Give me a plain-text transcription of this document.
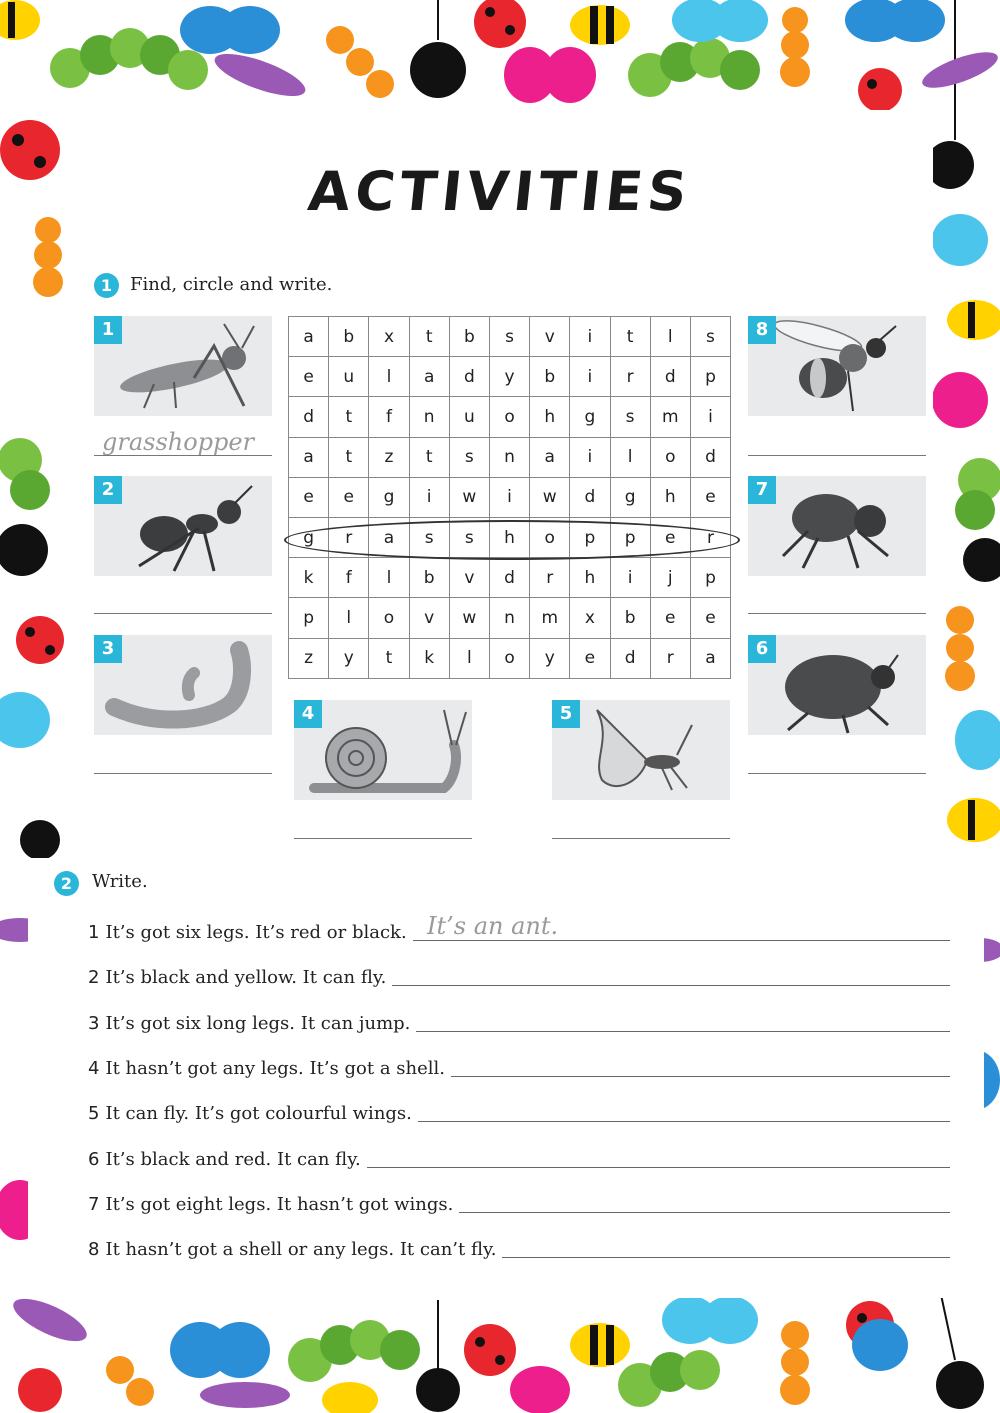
ACTIVITIES
1 Find, circle and write.
a	b	x	t	b	s	v	i	t	l	s
e	u	l	a	d	y	b	i	r	d	p
d	t	f	n	u	o	h	g	s	m	i
a	t	z	t	s	n	a	i	l	o	d
e	e	g	i	w	i	w	d	g	h	e
g	r	a	s	s	h	o	p	p	e	r
k	f	l	b	v	d	r	h	i	j	p
p	l	o	v	w	n	m	x	b	e	e
z	y	t	k	l	o	y	e	d	r	a
1
grasshopper
2
3
4	5
6
7
8
2	Write.
1 It’s got six legs. It’s red or black. It’s an ant.
2 It’s black and yellow. It can fly.
3 It’s got six long legs. It can jump.
4 It hasn’t got any legs. It’s got a shell.
5 It can fly. It’s got colourful wings.
6 It’s black and red. It can fly.
7 It’s got eight legs. It hasn’t got wings.
8 It hasn’t got a shell or any legs. It can’t fly.
